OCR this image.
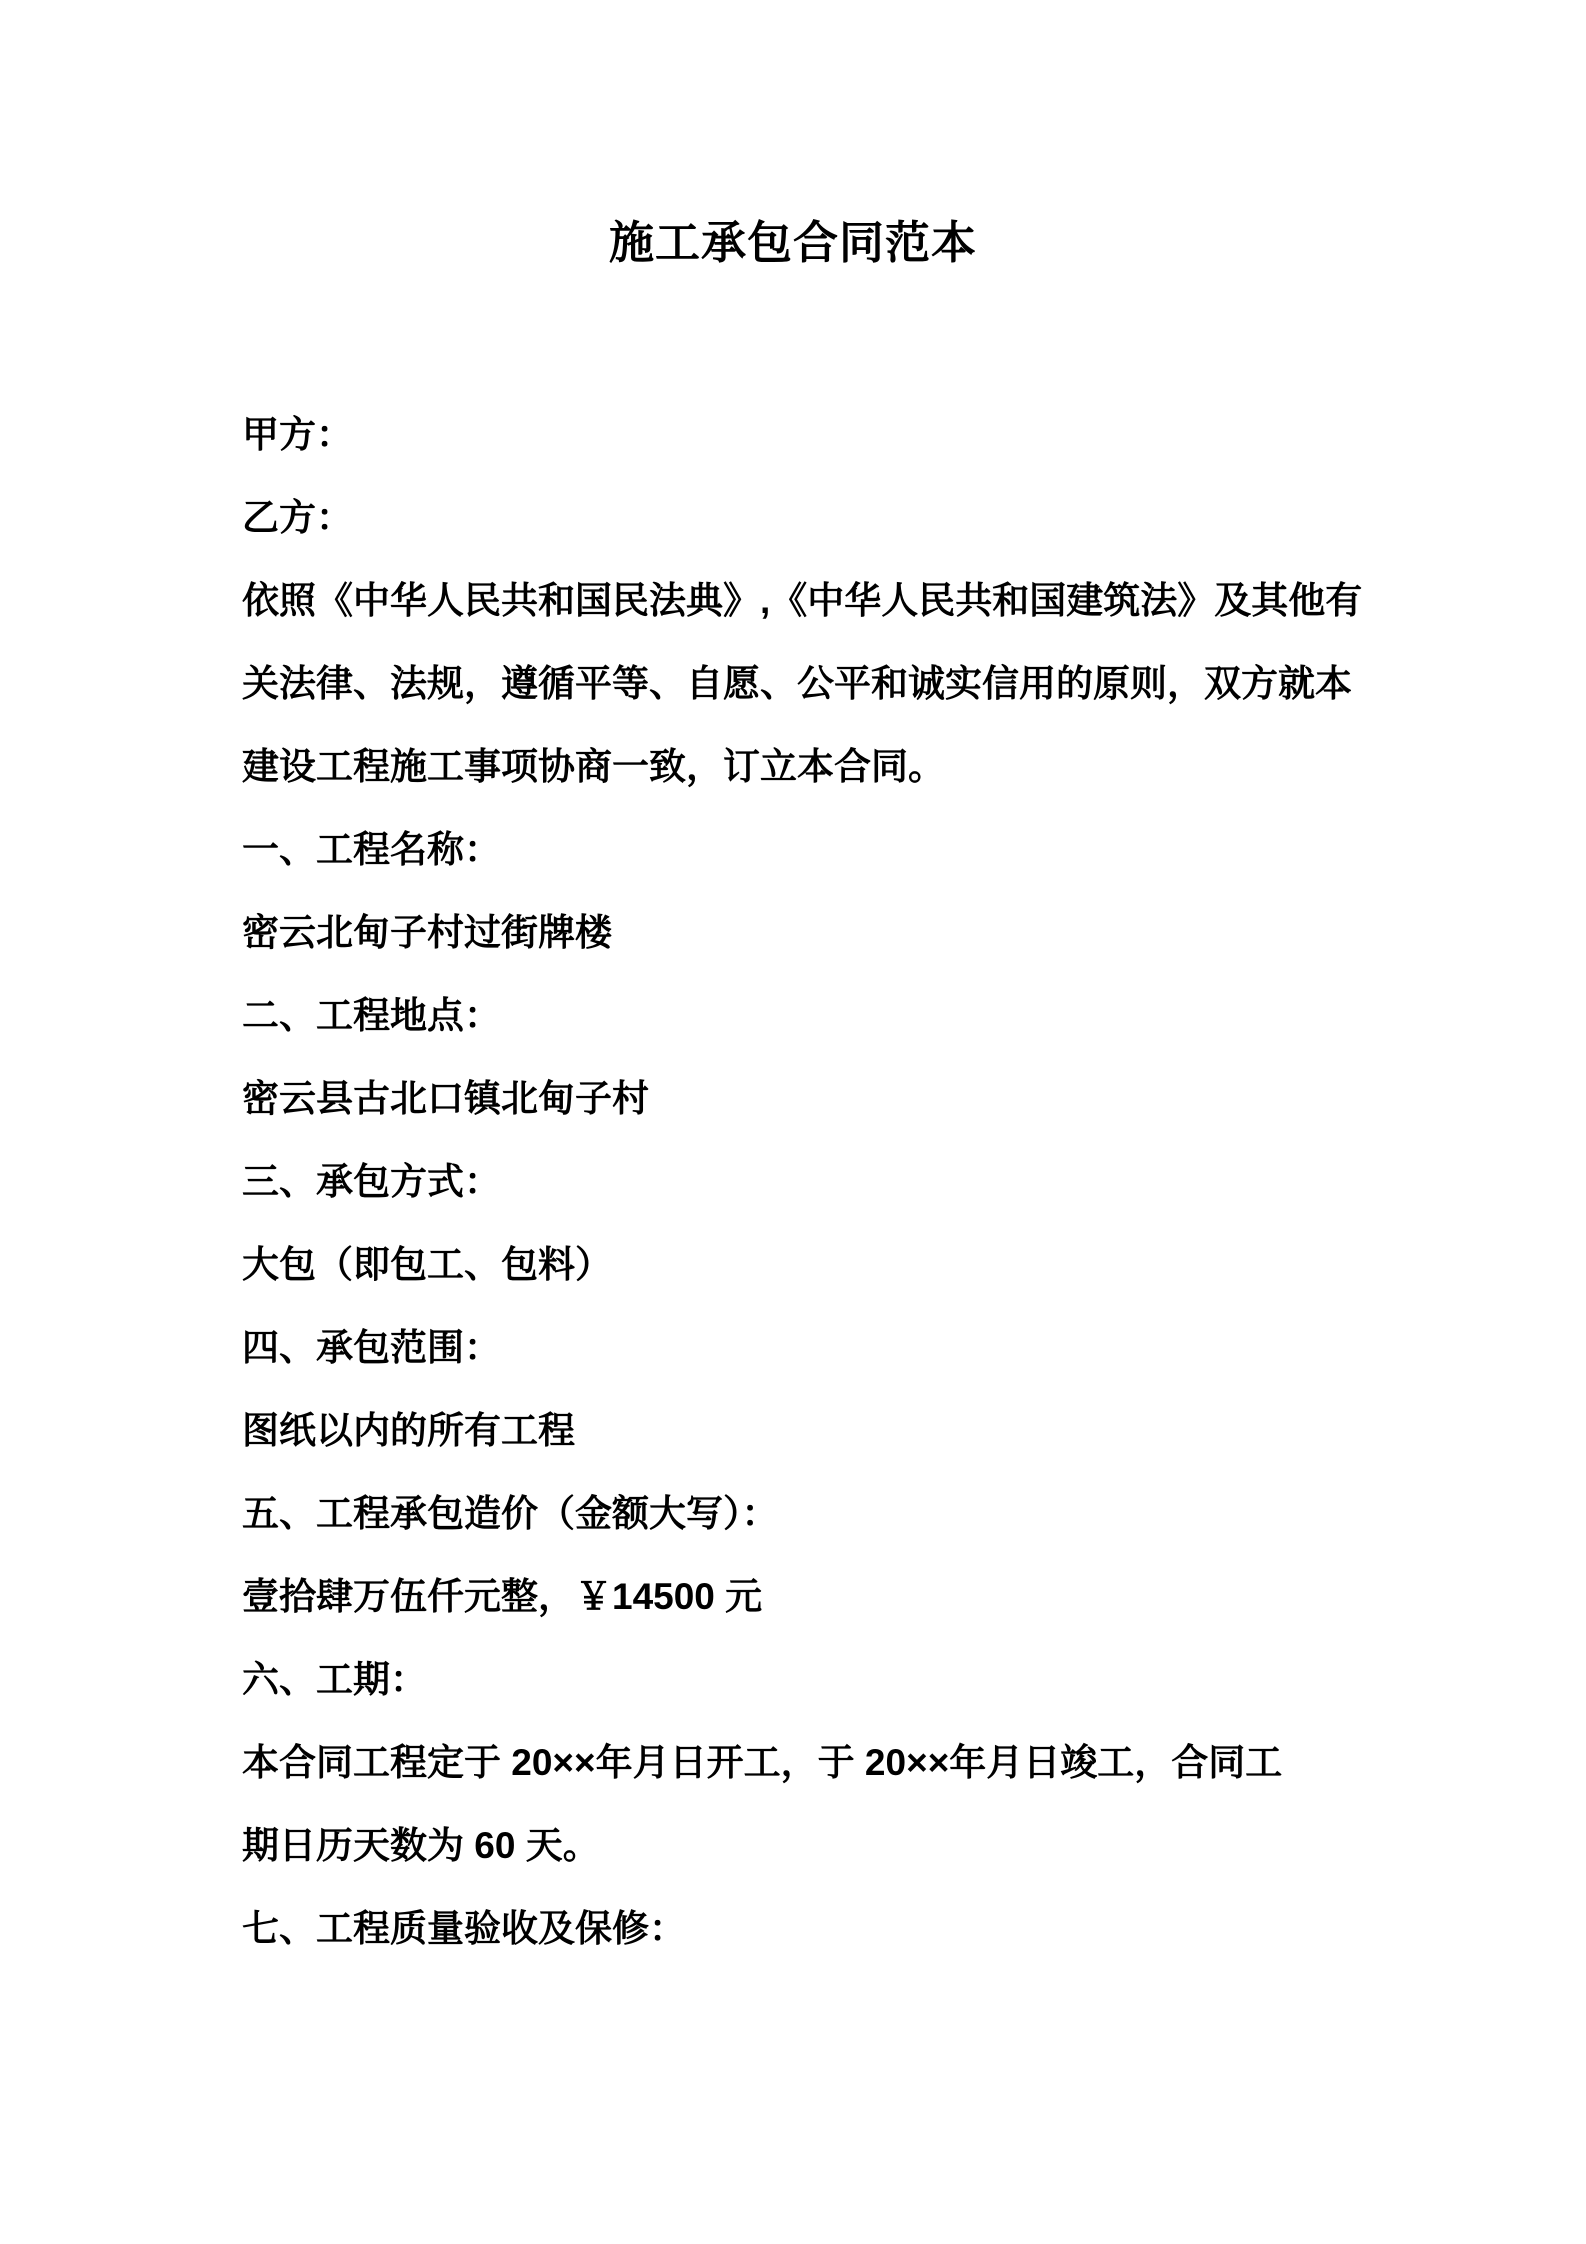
施工承包合同范本
甲方：
乙方：
依照《中华人民共和国民法典》,《中华人民共和国建筑法》及其他有
关法律、法规，遵循平等、自愿、公平和诚实信用的原则，双方就本
建设工程施工事项协商一致，订立本合同。
一、工程名称：
密云北甸子村过街牌楼
二、工程地点：
密云县古北口镇北甸子村
三、承包方式：
大包（即包工、包料）
四、承包范围：
图纸以内的所有工程
五、工程承包造价（金额大写）：
壹拾肆万伍仟元整，￥14500 元
六、工期：
本合同工程定于 20××年月日开工，于 20××年月日竣工，合同工
期日历天数为 60 天。
七、工程质量验收及保修：
